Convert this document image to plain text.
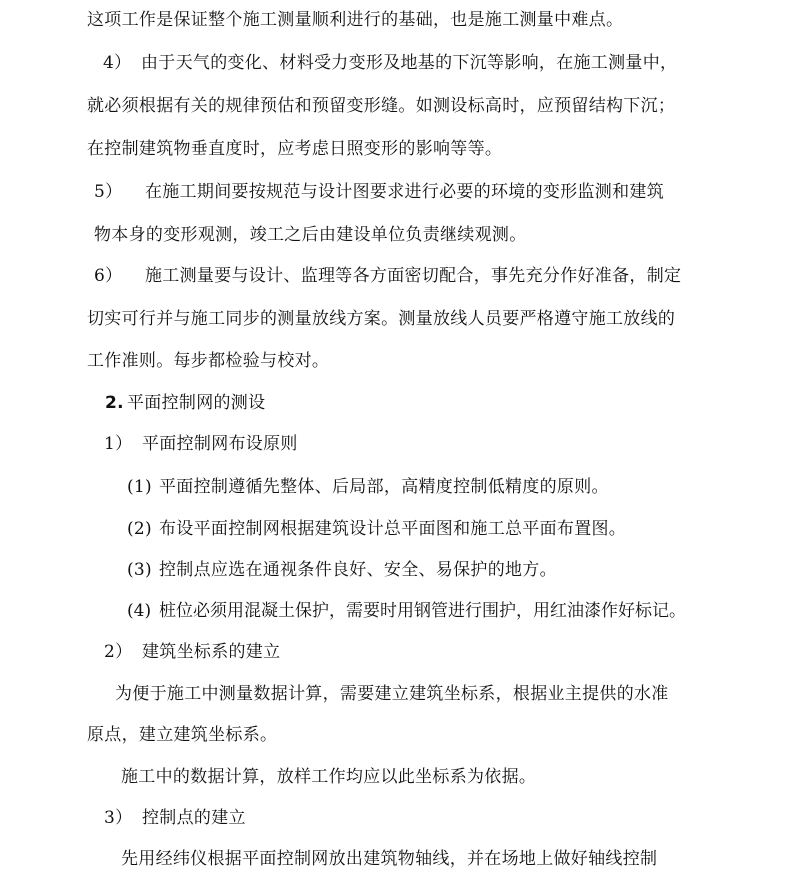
这项工作是保证整个施工测量顺利进行的基础，也是施工测量中难点。
4） 由于天气的变化、材料受力变形及地基的下沉等影响，在施工测量中，
就必须根据有关的规律预估和预留变形缝。如测设标高时，应预留结构下沉；
在控制建筑物垂直度时，应考虑日照变形的影响等等。
5） 在施工期间要按规范与设计图要求进行必要的环境的变形监测和建筑
物本身的变形观测，竣工之后由建设单位负责继续观测。
6） 施工测量要与设计、监理等各方面密切配合，事先充分作好准备，制定
切实可行并与施工同步的测量放线方案。测量放线人员要严格遵守施工放线的
工作准则。每步都检验与校对。
2. 平面控制网的测设
1） 平面控制网布设原则
(1) 平面控制遵循先整体、后局部，高精度控制低精度的原则。
(2) 布设平面控制网根据建筑设计总平面图和施工总平面布置图。
(3) 控制点应选在通视条件良好、安全、易保护的地方。
(4) 桩位必须用混凝土保护，需要时用钢管进行围护，用红油漆作好标记。
2） 建筑坐标系的建立
为便于施工中测量数据计算，需要建立建筑坐标系，根据业主提供的水准
原点，建立建筑坐标系。
施工中的数据计算，放样工作均应以此坐标系为依据。
3） 控制点的建立
先用经纬仪根据平面控制网放出建筑物轴线，并在场地上做好轴线控制
